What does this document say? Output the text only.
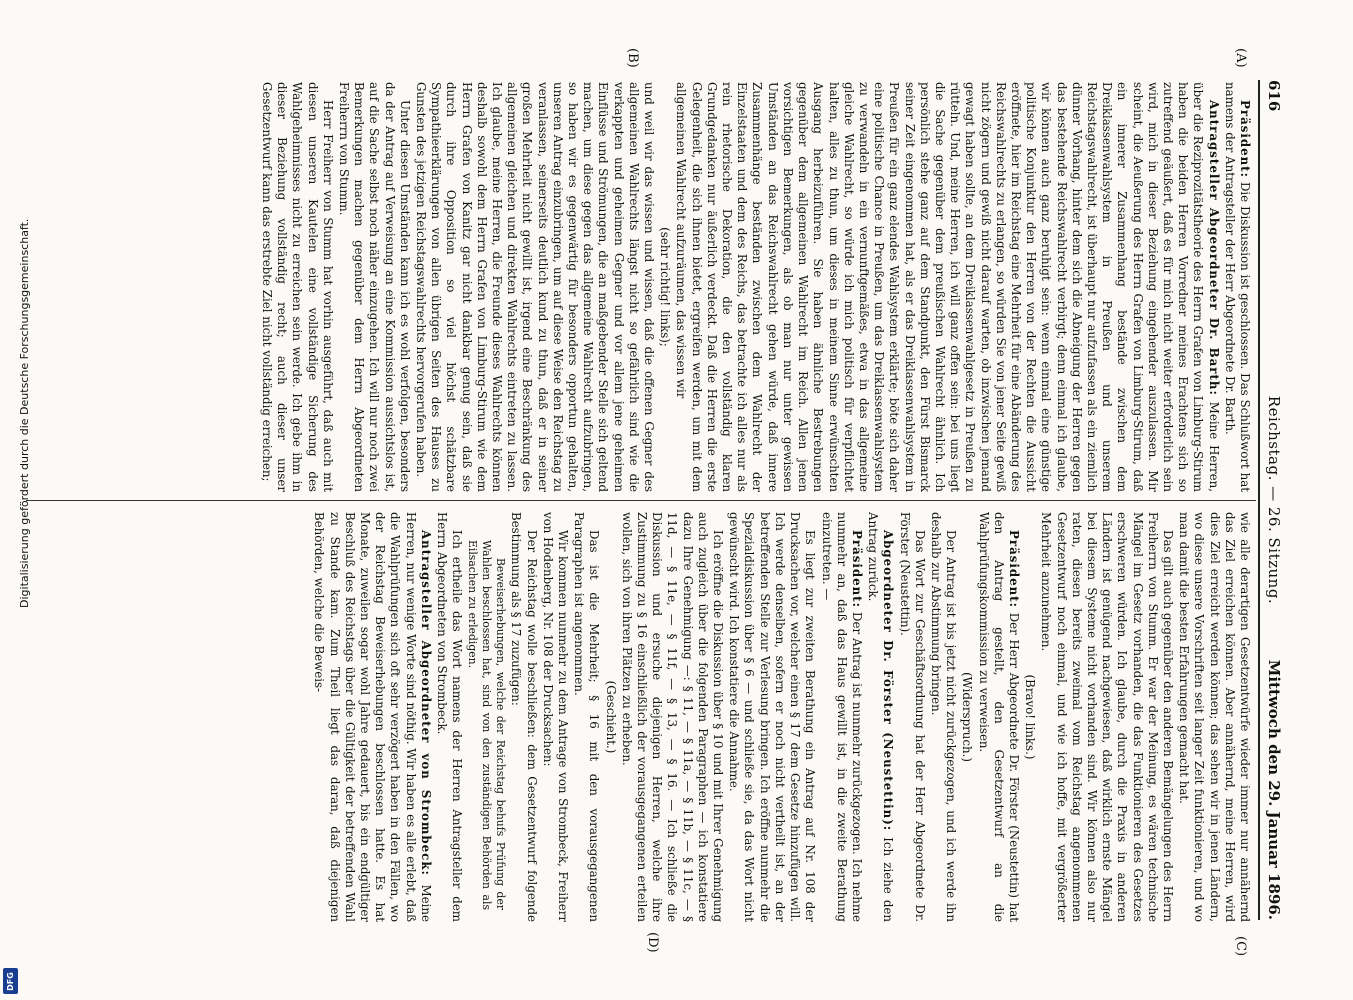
616
Reichstag. — 26. Sitzung.
Mittwoch den 29. Januar 1896.
(A)
(B)
(C)
(D)

Präsident: Die Diskussion ist geschlossen. Das Schlußwort hat namens der Antragsteller der Herr Abgeordnete Dr. Barth.

Antragsteller Abgeordneter Dr. Barth: Meine Herren, über die Reziprozitätstheorie des Herrn Grafen von Limburg-Stirum haben die beiden Herren Vorredner meines Erachtens sich so zutreffend geäußert, daß es für mich nicht weiter erforderlich sein wird, mich in dieser Beziehung eingehender auszulassen. Mir scheint, die Aeußerung des Herrn Grafen von Limburg-Stirum, daß ein innerer Zusammenhang bestände zwischen dem Dreiklassenwahlsystem in Preußen und unserem Reichstagswahlrecht, ist überhaupt nur aufzufassen als ein ziemlich dünner Vorhang, hinter dem sich die Abneigung der Herren gegen das bestehende Reichswahlrecht verbirgt; denn einmal ich glaube, wir können auch ganz beruhigt sein: wenn einmal eine günstige politische Konjunktur den Herren von der Rechten die Aussicht eröffnete, hier im Reichstag eine Mehrheit für eine Abänderung des Reichswahlrechts zu erlangen, so würden Sie von jener Seite gewiß nicht zögern und gewiß nicht darauf warten, ob inzwischen jemand gewagt haben sollte, an dem Dreiklassenwahlgesetz in Preußen zu rütteln. Und, meine Herren, ich will ganz offen sein: bei uns liegt die Sache gegenüber dem preußischen Wahlrecht ähnlich. Ich persönlich stehe ganz auf dem Standpunkt, den Fürst Bismarck seiner Zeit eingenommen hat, als er das Dreiklassenwahlsystem in Preußen für ein ganz elendes Wahlsystem erklärte; böte sich daher eine politische Chance in Preußen, um das Dreiklassenwahlsystem zu verwandeln in ein vernunftgemäßes, etwa in das allgemeine gleiche Wahlrecht, so würde ich mich politisch für verpflichtet halten, alles zu thun, um dieses in meinem Sinne erwünschten Ausgang herbeizuführen. Sie haben ähnliche Bestrebungen gegenüber dem allgemeinen Wahlrecht im Reich. Allen jenen vorsichtigen Bemerkungen, als ob man nur unter gewissen Umständen an das Reichswahlrecht gehen würde, daß innere Zusammenhänge beständen zwischen dem Wahlrecht der Einzelstaaten und dem des Reichs, das betrachte ich alles nur als rein rhetorische Dekoration, die den vollständig klaren Grundgedanken nur äußerlich verdeckt. Daß die Herren die erste Gelegenheit, die sich ihnen bietet, ergreifen werden, um mit dem allgemeinen Wahlrecht aufzuräumen, das wissen wir

(sehr richtig! links);

und weil wir das wissen und wissen, daß die offenen Gegner des allgemeinen Wahlrechts längst nicht so gefährlich sind wie die verkappten und geheimen Gegner und vor allem jene geheimen Einflüsse und Strömungen, die an maßgebender Stelle sich geltend machen, um diese gegen das allgemeine Wahlrecht aufzubringen, so haben wir es gegenwärtig für besonders opportun gehalten, unseren Antrag einzubringen, um auf diese Weise den Reichstag zu veranlassen, seinerseits deutlich kund zu thun, daß er in seiner großen Mehrheit nicht gewillt ist, irgend eine Beschränkung des allgemeinen gleichen und direkten Wahlrechts eintreten zu lassen. Ich glaube, meine Herren, die Freunde dieses Wahlrechts können deshalb sowohl dem Herrn Grafen von Limburg-Stirum wie dem Herrn Grafen von Kanitz gar nicht dankbar genug sein, daß sie durch ihre Opposition so viel höchst schätzbare Sympathieerklärungen von allen übrigen Seiten des Hauses zu Gunsten des jetzigen Reichstagswahlrechts hervorgerufen haben.

Unter diesen Umständen kann ich es wohl verfolgen, besonders da der Antrag auf Verweisung an eine Kommission aussichtslos ist, auf die Sache selbst noch näher einzugehen. Ich will nur noch zwei Bemerkungen machen gegenüber dem Herrn Abgeordneten Freiherrn von Stumm.

Herr Freiherr von Stumm hat vorhin ausgeführt, daß auch mit diesen unseren Kautelen eine vollständige Sicherung des Wahlgeheimnisses nicht zu erreichen sein werde. Ich gebe ihm in dieser Beziehung vollständig recht; auch dieser unser Gesetzentwurf kann das erstrebte Ziel nicht vollständig erreichen;

wie alle derartigen Gesetzentwürfe wieder immer nur annähernd das Ziel erreichen können. Aber annähernd, meine Herren, wird dies Ziel erreicht werden können; das sehen wir in jenen Ländern, wo diese unsere Vorschriften seit langer Zeit funktionieren, und wo man damit die besten Erfahrungen gemacht hat.

Das gilt auch gegenüber den anderen Bemängelungen des Herrn Freiherrn von Stumm. Er war der Meinung, es wären technische Mängel im Gesetz vorhanden, die das Funktionieren des Gesetzes erschweren würden. Ich glaube, durch die Praxis in anderen Ländern ist genügend nachgewiesen, daß wirklich ernste Mängel bei diesem Systeme nicht vorhanden sind. Wir können also nur raten, diesen bereits zweimal vom Reichstag angenommenen Gesetzentwurf noch einmal, und wie ich hoffe, mit vergrößerter Mehrheit anzunehmen.

(Bravo! links.)

Präsident: Der Herr Abgeordnete Dr. Förster (Neustettin) hat den Antrag gestellt, den Gesetzentwurf an die Wahlprüfungskommission zu verweisen.

(Widerspruch.)

Der Antrag ist bis jetzt nicht zurückgezogen, und ich werde ihn deshalb zur Abstimmung bringen.

Das Wort zur Geschäftsordnung hat der Herr Abgeordnete Dr. Förster (Neustettin).

Abgeordneter Dr. Förster (Neustettin): Ich ziehe den Antrag zurück.

Präsident: Der Antrag ist nunmehr zurückgezogen. Ich nehme nunmehr an, daß das Haus gewillt ist, in die zweite Berathung einzutreten. —

Es liegt zur zweiten Berathung ein Antrag auf Nr. 108 der Drucksachen vor, welcher einen § 17 dem Gesetze hinzufügen will. Ich werde denselben, sofern er noch nicht vertheilt ist, an der betreffenden Stelle zur Verlesung bringen. Ich eröffne nunmehr die Spezialdiskussion über § 6 — und schließe sie, da das Wort nicht gewünscht wird. Ich konstatiere die Annahme.

Ich eröffne die Diskussion über § 10 und mit Ihrer Genehmigung auch zugleich über die folgenden Paragraphen — ich konstatiere dazu Ihre Genehmigung —: § 11, — § 11a, — § 11b, — § 11c, — § 11d, — § 11e, — § 11f, — § 13, — § 16. — Ich schließe die Diskussion und ersuche diejenigen Herren, welche ihre Zustimmung zu § 16 einschließlich der vorausgegangenen erteilen wollen, sich von ihren Plätzen zu erheben.

(Geschieht.)

Das ist die Mehrheit; § 16 mit den vorausgegangenen Paragraphen ist angenommen.

Wir kommen nunmehr zu dem Antrage von Strombeck, Freiherr von Hodenberg, Nr. 108 der Drucksachen:

Der Reichstag wolle beschließen: dem Gesetzentwurf folgende Bestimmung als § 17 zuzufügen:

Beweiserhebungen, welche der Reichstag behufs Prüfung der Wahlen beschlossen hat, sind von den zuständigen Behörden als Eilsachen zu erledigen.

Ich ertheile das Wort namens der Herren Antragsteller dem Herrn Abgeordneten von Strombeck.

Antragsteller Abgeordneter von Strombeck: Meine Herren, nur wenige Worte sind nöthig. Wir haben es alle erlebt, daß die Wahlprüfungen sich oft sehr verzögert haben in den Fällen, wo der Reichstag Beweiserhebungen beschlossen hatte. Es hat Monate, zuweilen sogar wohl Jahre gedauert, bis ein endgültiger Beschluß des Reichstags über die Gültigkeit der betreffenden Wahl zu Stande kam. Zum Theil liegt das daran, daß diejenigen Behörden, welche die Beweis-

Digitalisierung gefördert durch die Deutsche Forschungsgemeinschaft.
DFG
